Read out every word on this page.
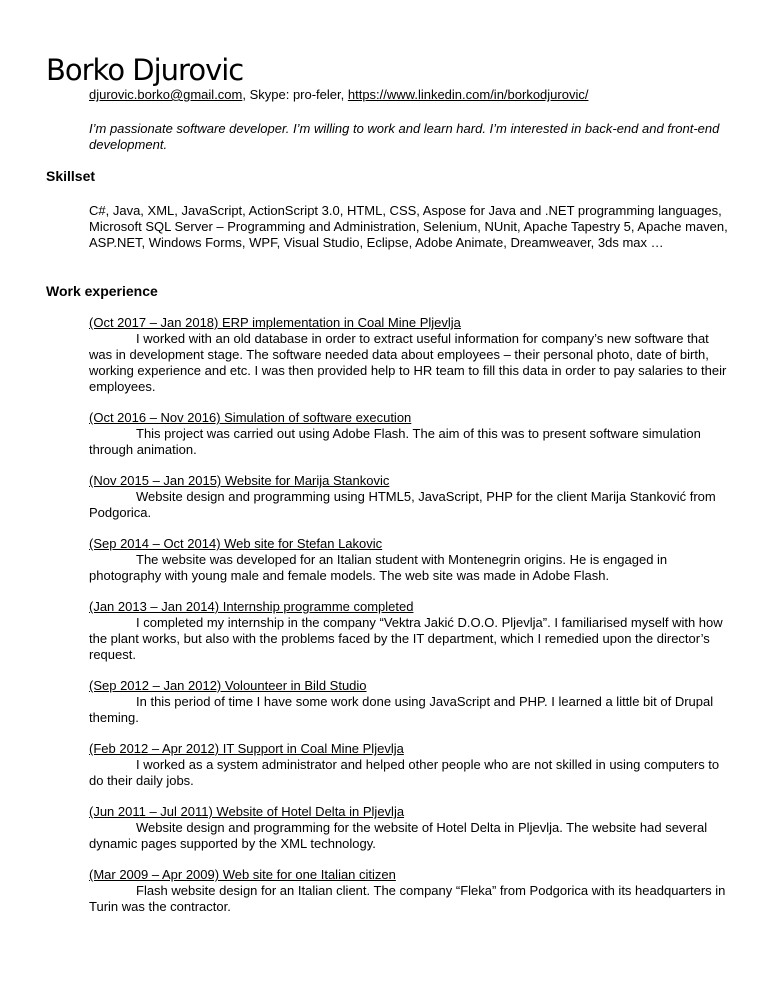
Borko Djurovic
djurovic.borko@gmail.com, Skype: pro-feler, https://www.linkedin.com/in/borkodjurovic/
I’m passionate software developer. I’m willing to work and learn hard. I’m interested in back-end and front-end development.
Skillset
C#, Java, XML, JavaScript, ActionScript 3.0, HTML, CSS, Aspose for Java and .NET programming languages, Microsoft SQL Server – Programming and Administration, Selenium, NUnit, Apache Tapestry 5, Apache maven, ASP.NET, Windows Forms, WPF, Visual Studio, Eclipse, Adobe Animate, Dreamweaver, 3ds max …
Work experience
(Oct 2017 – Jan 2018) ERP implementation in Coal Mine Pljevlja
I worked with an old database in order to extract useful information for company’s new software that was in development stage. The software needed data about employees – their personal photo, date of birth, working experience and etc. I was then provided help to HR team to fill this data in order to pay salaries to their employees.
(Oct 2016 – Nov 2016) Simulation of software execution
This project was carried out using Adobe Flash. The aim of this was to present software simulation through animation.
(Nov 2015 – Jan 2015) Website for Marija Stankovic
Website design and programming using HTML5, JavaScript, PHP for the client Marija Stanković from Podgorica.
(Sep 2014 – Oct 2014) Web site for Stefan Lakovic
The website was developed for an Italian student with Montenegrin origins. He is engaged in photography with young male and female models. The web site was made in Adobe Flash.
(Jan 2013 – Jan 2014) Internship programme completed
I completed my internship in the company “Vektra Jakić D.O.O. Pljevlja”. I familiarised myself with how the plant works, but also with the problems faced by the IT department, which I remedied upon the director’s request.
(Sep 2012 – Jan 2012) Volounteer in Bild Studio
In this period of time I have some work done using JavaScript and PHP. I learned a little bit of Drupal theming.
(Feb 2012 – Apr 2012) IT Support in Coal Mine Pljevlja
I worked as a system administrator and helped other people who are not skilled in using computers to do their daily jobs.
(Jun 2011 – Jul 2011) Website of Hotel Delta in Pljevlja
Website design and programming for the website of Hotel Delta in Pljevlja. The website had several dynamic pages supported by the XML technology.
(Mar 2009 – Apr 2009) Web site for one Italian citizen
Flash website design for an Italian client. The company “Fleka” from Podgorica with its headquarters in Turin was the contractor.
